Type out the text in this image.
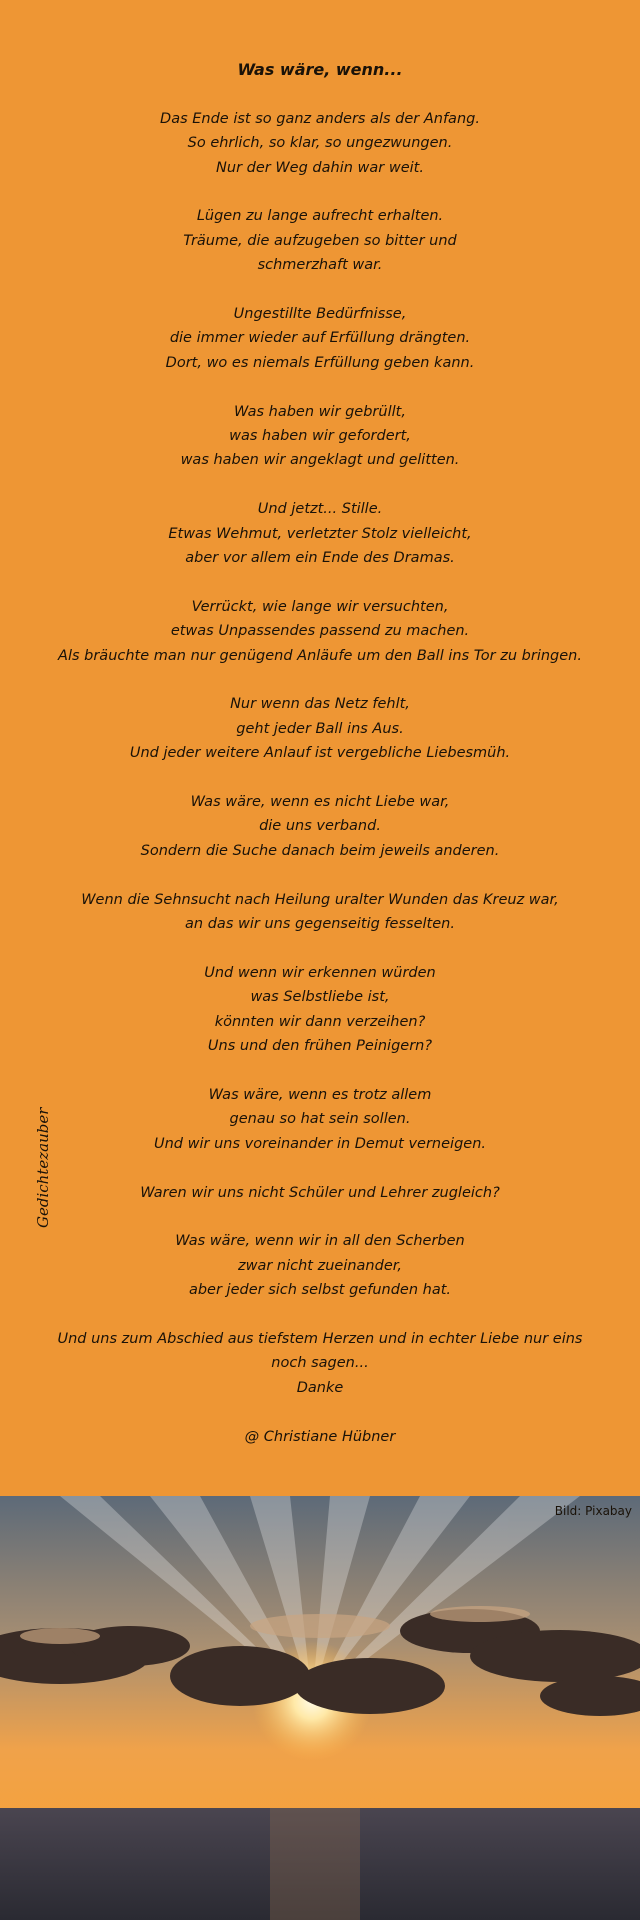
Was wäre, wenn...
Das Ende ist so ganz anders als der Anfang.
So ehrlich, so klar, so ungezwungen.
Nur der Weg dahin war weit.
Lügen zu lange aufrecht erhalten.
Träume, die aufzugeben so bitter und
schmerzhaft war.
Ungestillte Bedürfnisse,
die immer wieder auf Erfüllung drängten.
Dort, wo es niemals Erfüllung geben kann.
Was haben wir gebrüllt,
was haben wir gefordert,
was haben wir angeklagt und gelitten.
Und jetzt... Stille.
Etwas Wehmut, verletzter Stolz vielleicht,
aber vor allem ein Ende des Dramas.
Verrückt, wie lange wir versuchten,
etwas Unpassendes passend zu machen.
Als bräuchte man nur genügend Anläufe um den Ball ins Tor zu bringen.
Nur wenn das Netz fehlt,
geht jeder Ball ins Aus.
Und jeder weitere Anlauf ist vergebliche Liebesmüh.
Was wäre, wenn es nicht Liebe war,
die uns verband.
Sondern die Suche danach beim jeweils anderen.
Wenn die Sehnsucht nach Heilung uralter Wunden das Kreuz war,
an das wir uns gegenseitig fesselten.
Und wenn wir erkennen würden
was Selbstliebe ist,
könnten wir dann verzeihen?
Uns und den frühen Peinigern?
Was wäre, wenn es trotz allem
genau so hat sein sollen.
Und wir uns voreinander in Demut verneigen.
Waren wir uns nicht Schüler und Lehrer zugleich?
Was wäre, wenn wir in all den Scherben
zwar nicht zueinander,
aber jeder sich selbst gefunden hat.
Und uns zum Abschied aus tiefstem Herzen und in echter Liebe nur eins
noch sagen...
Danke
@ Christiane Hübner
Gedichtezauber
Bild: Pixabay
